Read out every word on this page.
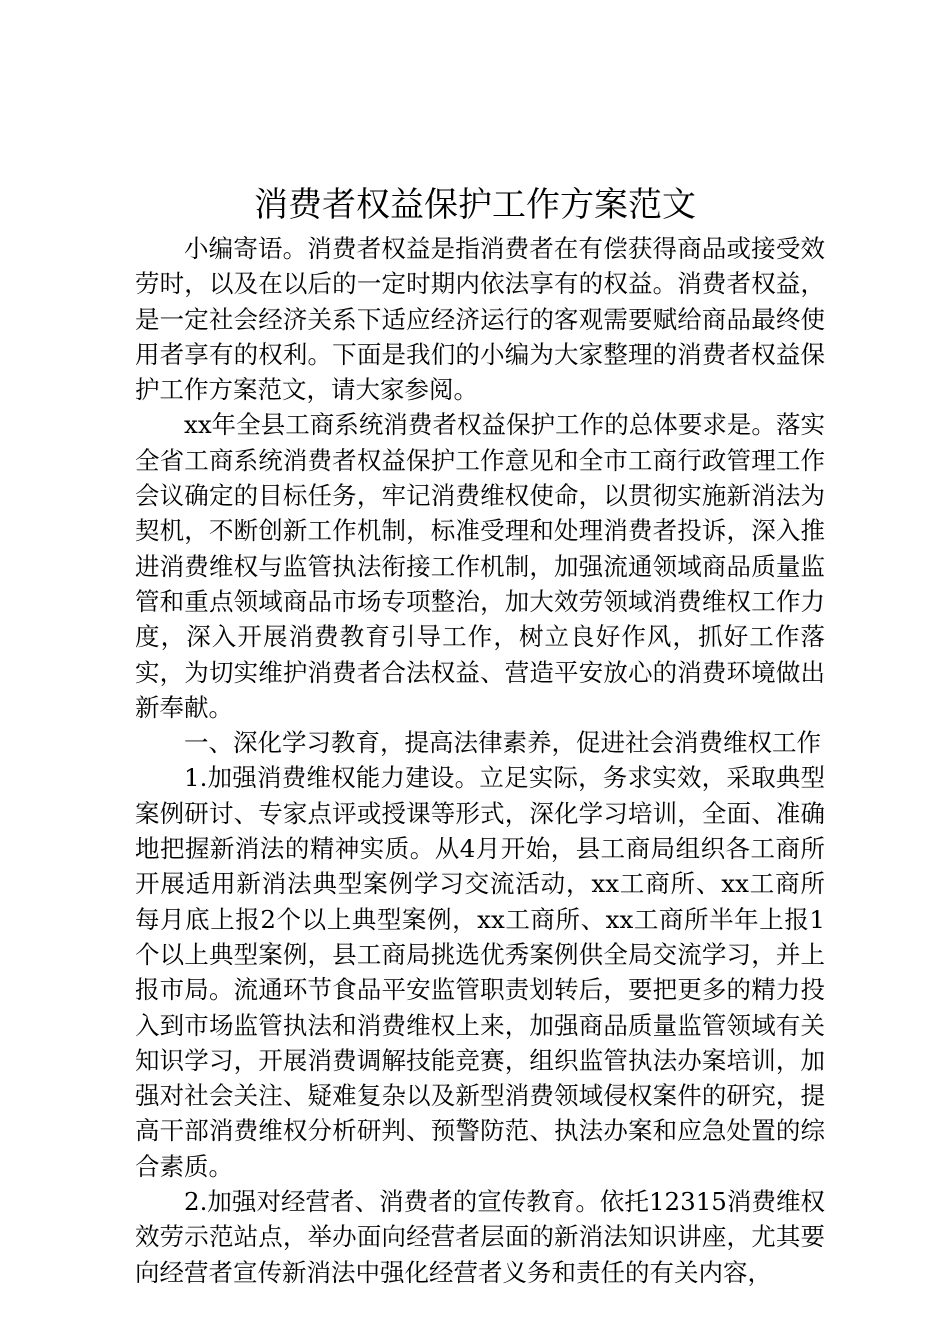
消费者权益保护工作方案范文

小编寄语。消费者权益是指消费者在有偿获得商品或接受效劳时，以及在以后的一定时期内依法享有的权益。消费者权益，是一定社会经济关系下适应经济运行的客观需要赋给商品最终使用者享有的权利。下面是我们的小编为大家整理的消费者权益保护工作方案范文，请大家参阅。

xx年全县工商系统消费者权益保护工作的总体要求是。落实全省工商系统消费者权益保护工作意见和全市工商行政管理工作会议确定的目标任务，牢记消费维权使命，以贯彻实施新消法为契机，不断创新工作机制，标准受理和处理消费者投诉，深入推进消费维权与监管执法衔接工作机制，加强流通领域商品质量监管和重点领域商品市场专项整治，加大效劳领域消费维权工作力度，深入开展消费教育引导工作，树立良好作风，抓好工作落实，为切实维护消费者合法权益、营造平安放心的消费环境做出新奉献。

一、深化学习教育，提高法律素养，促进社会消费维权工作

1.加强消费维权能力建设。立足实际，务求实效，采取典型案例研讨、专家点评或授课等形式，深化学习培训，全面、准确地把握新消法的精神实质。从4月开始，县工商局组织各工商所开展适用新消法典型案例学习交流活动，xx工商所、xx工商所每月底上报2个以上典型案例，xx工商所、xx工商所半年上报1个以上典型案例，县工商局挑选优秀案例供全局交流学习，并上报市局。流通环节食品平安监管职责划转后，要把更多的精力投入到市场监管执法和消费维权上来，加强商品质量监管领域有关知识学习，开展消费调解技能竞赛，组织监管执法办案培训，加强对社会关注、疑难复杂以及新型消费领域侵权案件的研究，提高干部消费维权分析研判、预警防范、执法办案和应急处置的综合素质。

2.加强对经营者、消费者的宣传教育。依托12315消费维权效劳示范站点，举办面向经营者层面的新消法知识讲座，尤其要向经营者宣传新消法中强化经营者义务和责任的有关内容，
